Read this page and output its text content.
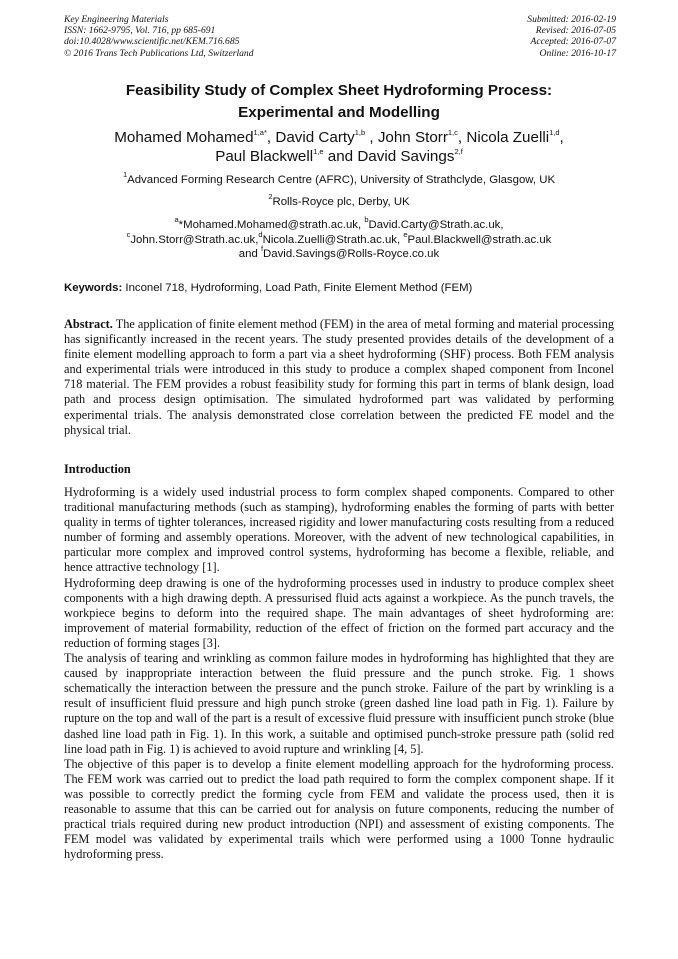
Key Engineering Materials
ISSN: 1662-9795, Vol. 716, pp 685-691
doi:10.4028/www.scientific.net/KEM.716.685
© 2016 Trans Tech Publications Ltd, Switzerland
Submitted: 2016-02-19
Revised: 2016-07-05
Accepted: 2016-07-07
Online: 2016-10-17
Feasibility Study of Complex Sheet Hydroforming Process:
Experimental and Modelling
Mohamed Mohamed$^{1,a*}$, David Carty$^{1,b}$ , John Storr$^{1,c}$, Nicola Zuelli$^{1,d}$,
Paul Blackwell$^{1,e}$ and David Savings$^{2,f}$
$^1$Advanced Forming Research Centre (AFRC), University of Strathclyde, Glasgow, UK
$^2$Rolls-Royce plc, Derby, UK
$^a$*Mohamed.Mohamed@strath.ac.uk, $^b$David.Carty@Strath.ac.uk,
$^c$John.Storr@Strath.ac.uk,$^d$Nicola.Zuelli@Strath.ac.uk, $^e$Paul.Blackwell@strath.ac.uk
and $^f$David.Savings@Rolls-Royce.co.uk
Keywords: Inconel 718, Hydroforming, Load Path, Finite Element Method (FEM)
Abstract. The application of finite element method (FEM) in the area of metal forming and material processing has significantly increased in the recent years. The study presented provides details of the development of a finite element modelling approach to form a part via a sheet hydroforming (SHF) process. Both FEM analysis and experimental trials were introduced in this study to produce a complex shaped component from Inconel 718 material. The FEM provides a robust feasibility study for forming this part in terms of blank design, load path and process design optimisation. The simulated hydroformed part was validated by performing experimental trials. The analysis demonstrated close correlation between the predicted FE model and the physical trial.
Introduction

Hydroforming is a widely used industrial process to form complex shaped components. Compared to other traditional manufacturing methods (such as stamping), hydroforming enables the forming of parts with better quality in terms of tighter tolerances, increased rigidity and lower manufacturing costs resulting from a reduced number of forming and assembly operations. Moreover, with the advent of new technological capabilities, in particular more complex and improved control systems, hydroforming has become a flexible, reliable, and hence attractive technology [1].

Hydroforming deep drawing is one of the hydroforming processes used in industry to produce complex sheet components with a high drawing depth. A pressurised fluid acts against a workpiece. As the punch travels, the workpiece begins to deform into the required shape. The main advantages of sheet hydroforming are: improvement of material formability, reduction of the effect of friction on the formed part accuracy and the reduction of forming stages [3].

The analysis of tearing and wrinkling as common failure modes in hydroforming has highlighted that they are caused by inappropriate interaction between the fluid pressure and the punch stroke. Fig. 1 shows schematically the interaction between the pressure and the punch stroke. Failure of the part by wrinkling is a result of insufficient fluid pressure and high punch stroke (green dashed line load path in Fig. 1). Failure by rupture on the top and wall of the part is a result of excessive fluid pressure with insufficient punch stroke (blue dashed line load path in Fig. 1). In this work, a suitable and optimised punch-stroke pressure path (solid red line load path in Fig. 1) is achieved to avoid rupture and wrinkling [4, 5].

The objective of this paper is to develop a finite element modelling approach for the hydroforming process. The FEM work was carried out to predict the load path required to form the complex component shape. If it was possible to correctly predict the forming cycle from FEM and validate the process used, then it is reasonable to assume that this can be carried out for analysis on future components, reducing the number of practical trials required during new product introduction (NPI) and assessment of existing components. The FEM model was validated by experimental trails which were performed using a 1000 Tonne hydraulic hydroforming press.
